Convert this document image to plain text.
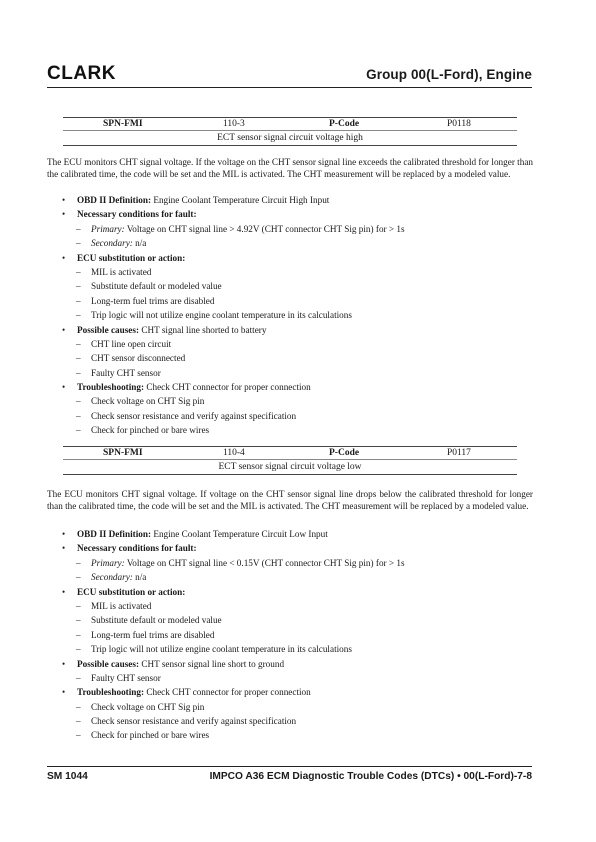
CLARK	Group 00(L-Ford), Engine
SPN-FMI	110-3	P-Code	P0118
ECT sensor signal circuit voltage high

The ECU monitors CHT signal voltage. If the voltage on the CHT sensor signal line exceeds the calibrated threshold for longer than the calibrated time, the code will be set and the MIL is activated. The CHT measurement will be replaced by a modeled value.

• OBD II Definition: Engine Coolant Temperature Circuit High Input
• Necessary conditions for fault:
– Primary: Voltage on CHT signal line > 4.92V (CHT connector CHT Sig pin) for > 1s
– Secondary: n/a
• ECU substitution or action:
– MIL is activated
– Substitute default or modeled value
– Long-term fuel trims are disabled
– Trip logic will not utilize engine coolant temperature in its calculations
• Possible causes: CHT signal line shorted to battery
– CHT line open circuit
– CHT sensor disconnected
– Faulty CHT sensor
• Troubleshooting: Check CHT connector for proper connection
– Check voltage on CHT Sig pin
– Check sensor resistance and verify against specification
– Check for pinched or bare wires
SPN-FMI	110-4	P-Code	P0117
ECT sensor signal circuit voltage low

The ECU monitors CHT signal voltage. If voltage on the CHT sensor signal line drops below the calibrated threshold for longer than the calibrated time, the code will be set and the MIL is activated. The CHT measurement will be replaced by a modeled value.

• OBD II Definition: Engine Coolant Temperature Circuit Low Input
• Necessary conditions for fault:
– Primary: Voltage on CHT signal line < 0.15V (CHT connector CHT Sig pin) for > 1s
– Secondary: n/a
• ECU substitution or action:
– MIL is activated
– Substitute default or modeled value
– Long-term fuel trims are disabled
– Trip logic will not utilize engine coolant temperature in its calculations
• Possible causes: CHT sensor signal line short to ground
– Faulty CHT sensor
• Troubleshooting: Check CHT connector for proper connection
– Check voltage on CHT Sig pin
– Check sensor resistance and verify against specification
– Check for pinched or bare wires
SM 1044	IMPCO A36 ECM Diagnostic Trouble Codes (DTCs) • 00(L-Ford)-7-8
